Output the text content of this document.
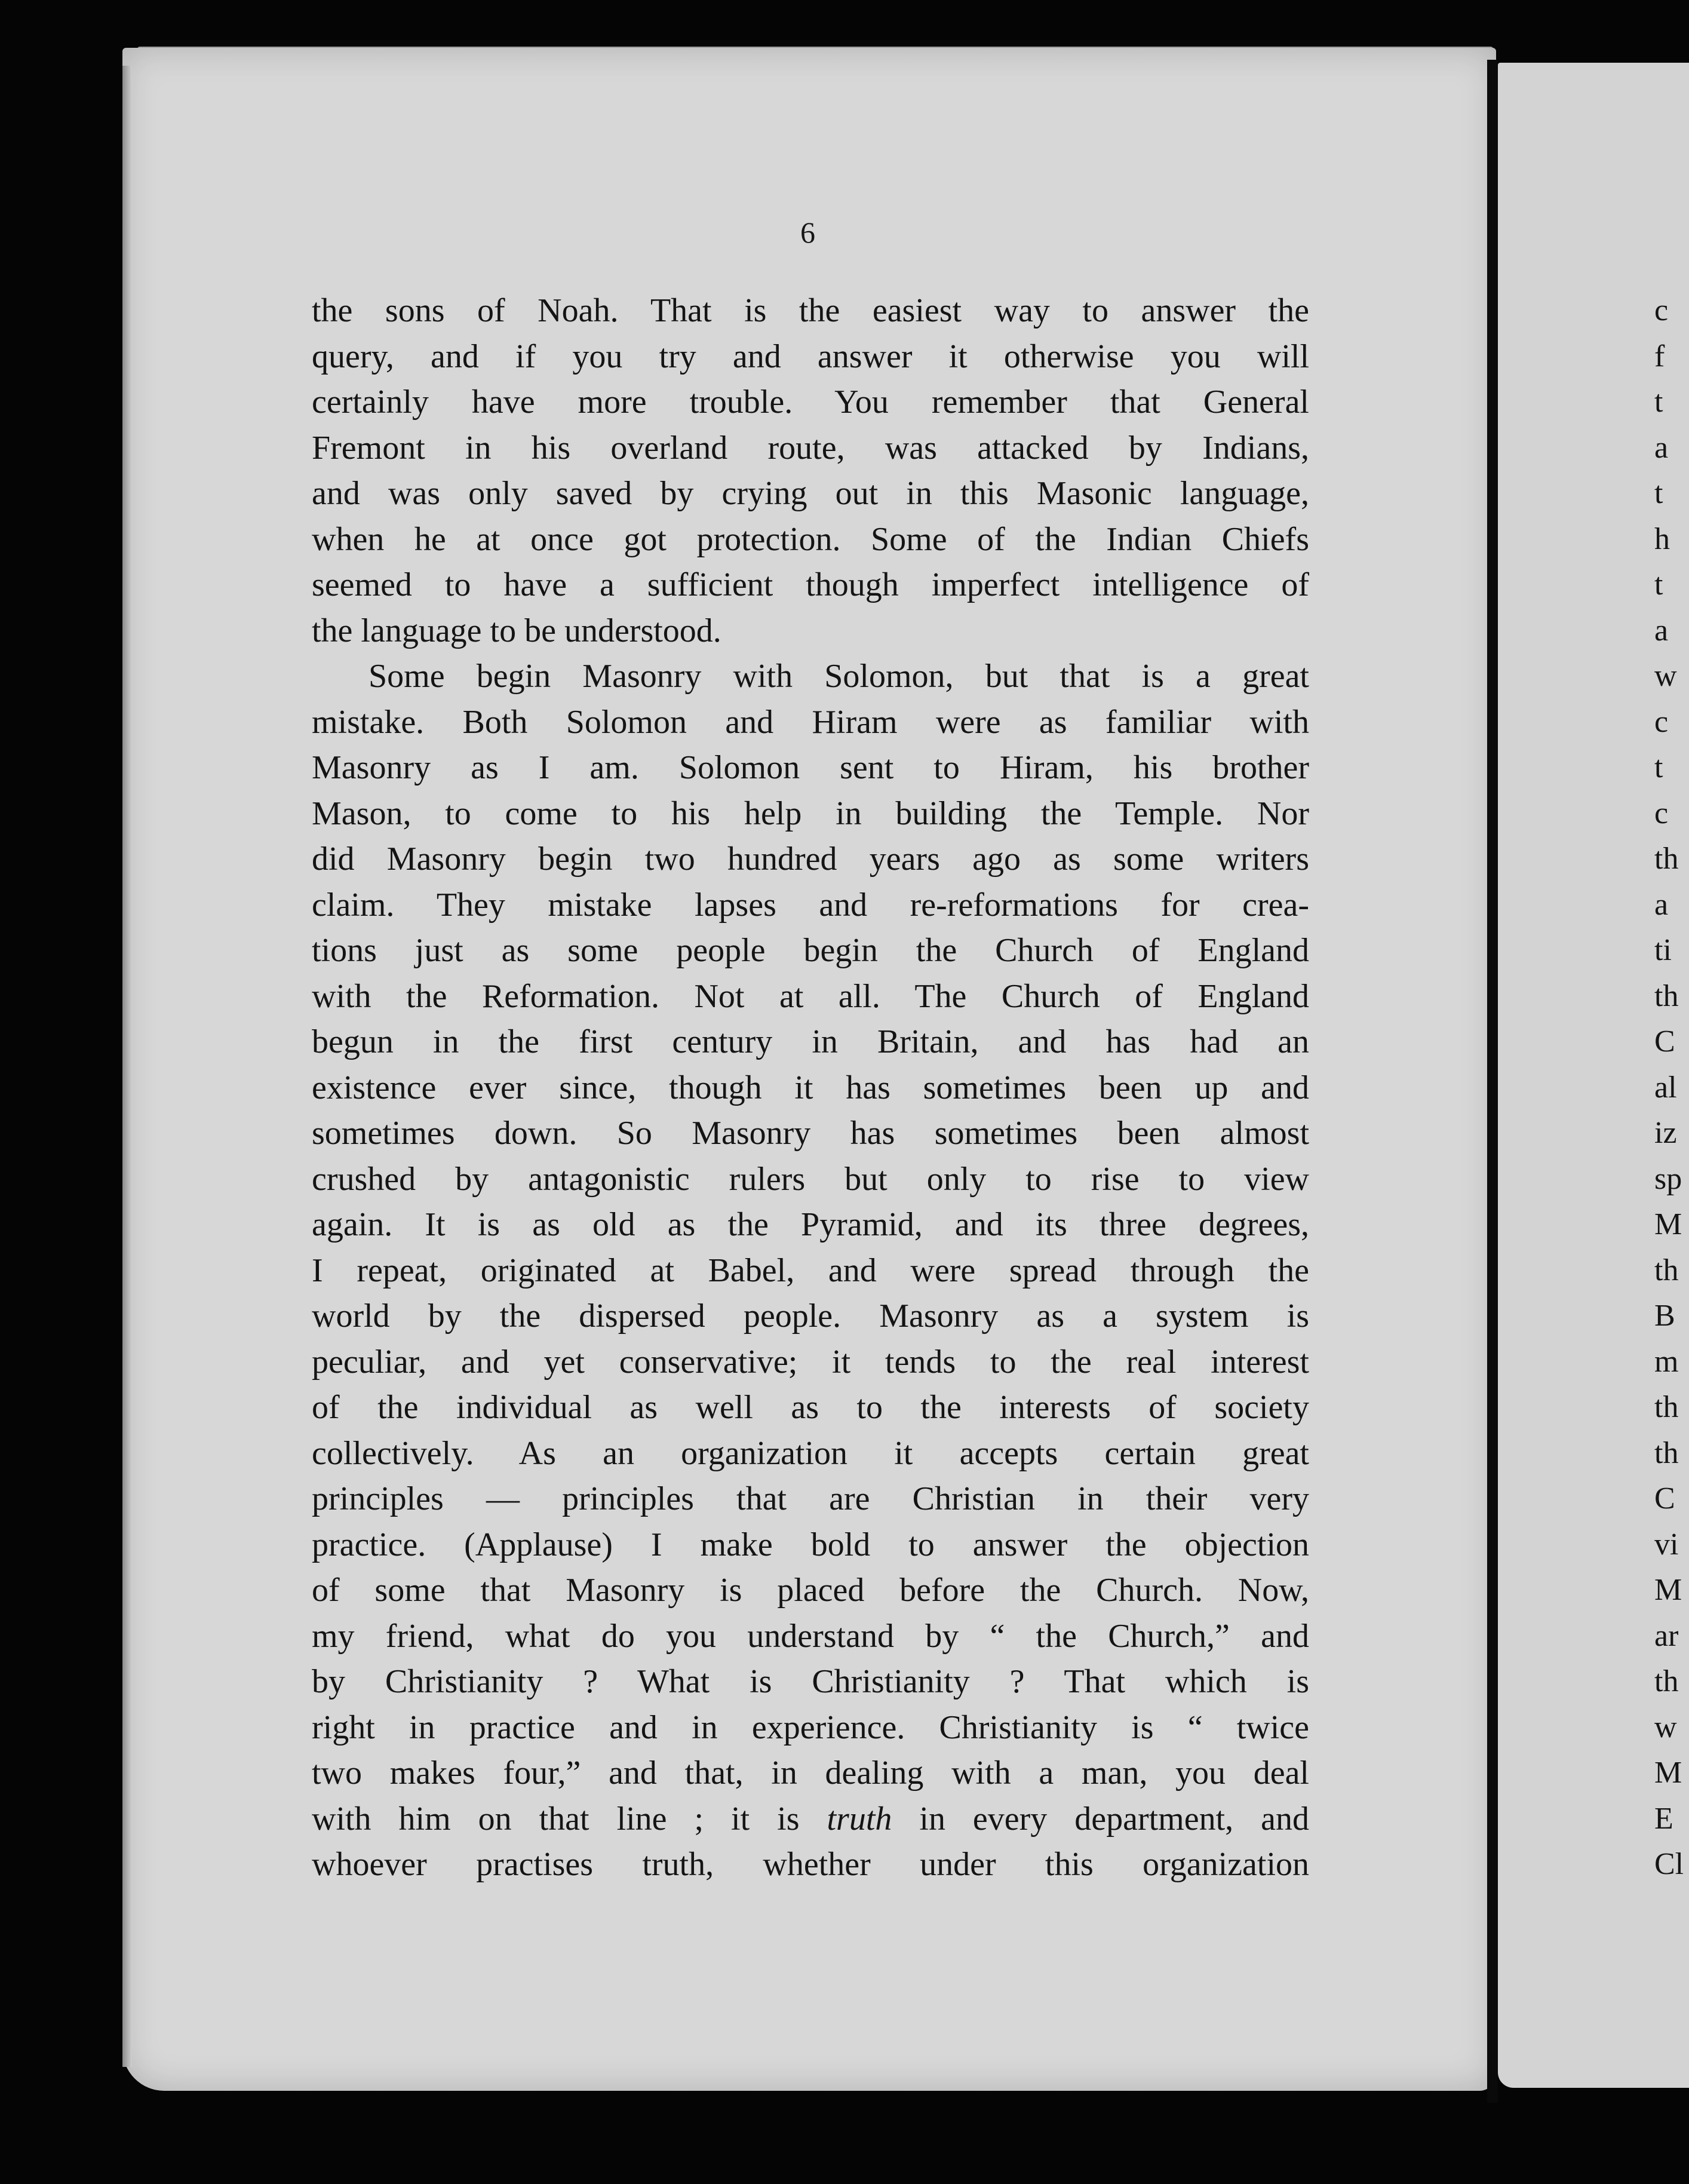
6
the sons of Noah. That is the easiest way to answer the
query, and if you try and answer it otherwise you will
certainly have more trouble. You remember that General
Fremont in his overland route, was attacked by Indians,
and was only saved by crying out in this Masonic language,
when he at once got protection. Some of the Indian Chiefs
seemed to have a sufficient though imperfect intelligence of
the language to be understood.
Some begin Masonry with Solomon, but that is a great
mistake. Both Solomon and Hiram were as familiar with
Masonry as I am. Solomon sent to Hiram, his brother
Mason, to come to his help in building the Temple. Nor
did Masonry begin two hundred years ago as some writers
claim. They mistake lapses and re-reformations for crea-
tions just as some people begin the Church of England
with the Reformation. Not at all. The Church of England
begun in the first century in Britain, and has had an
existence ever since, though it has sometimes been up and
sometimes down. So Masonry has sometimes been almost
crushed by antagonistic rulers but only to rise to view
again. It is as old as the Pyramid, and its three degrees,
I repeat, originated at Babel, and were spread through the
world by the dispersed people. Masonry as a system is
peculiar, and yet conservative; it tends to the real interest
of the individual as well as to the interests of society
collectively. As an organization it accepts certain great
principles — principles that are Christian in their very
practice. (Applause) I make bold to answer the objection
of some that Masonry is placed before the Church. Now,
my friend, what do you understand by “ the Church,” and
by Christianity ? What is Christianity ? That which is
right in practice and in experience. Christianity is “ twice
two makes four,” and that, in dealing with a man, you deal
with him on that line ; it is truth in every department, and
whoever practises truth, whether under this organization
c
f
t
a
t
h
t
a
w
c
t
c
th
a
ti
th
C
al
iz
sp
M
th
B
m
th
th
C
vi
M
ar
th
w
M
E
Cl
